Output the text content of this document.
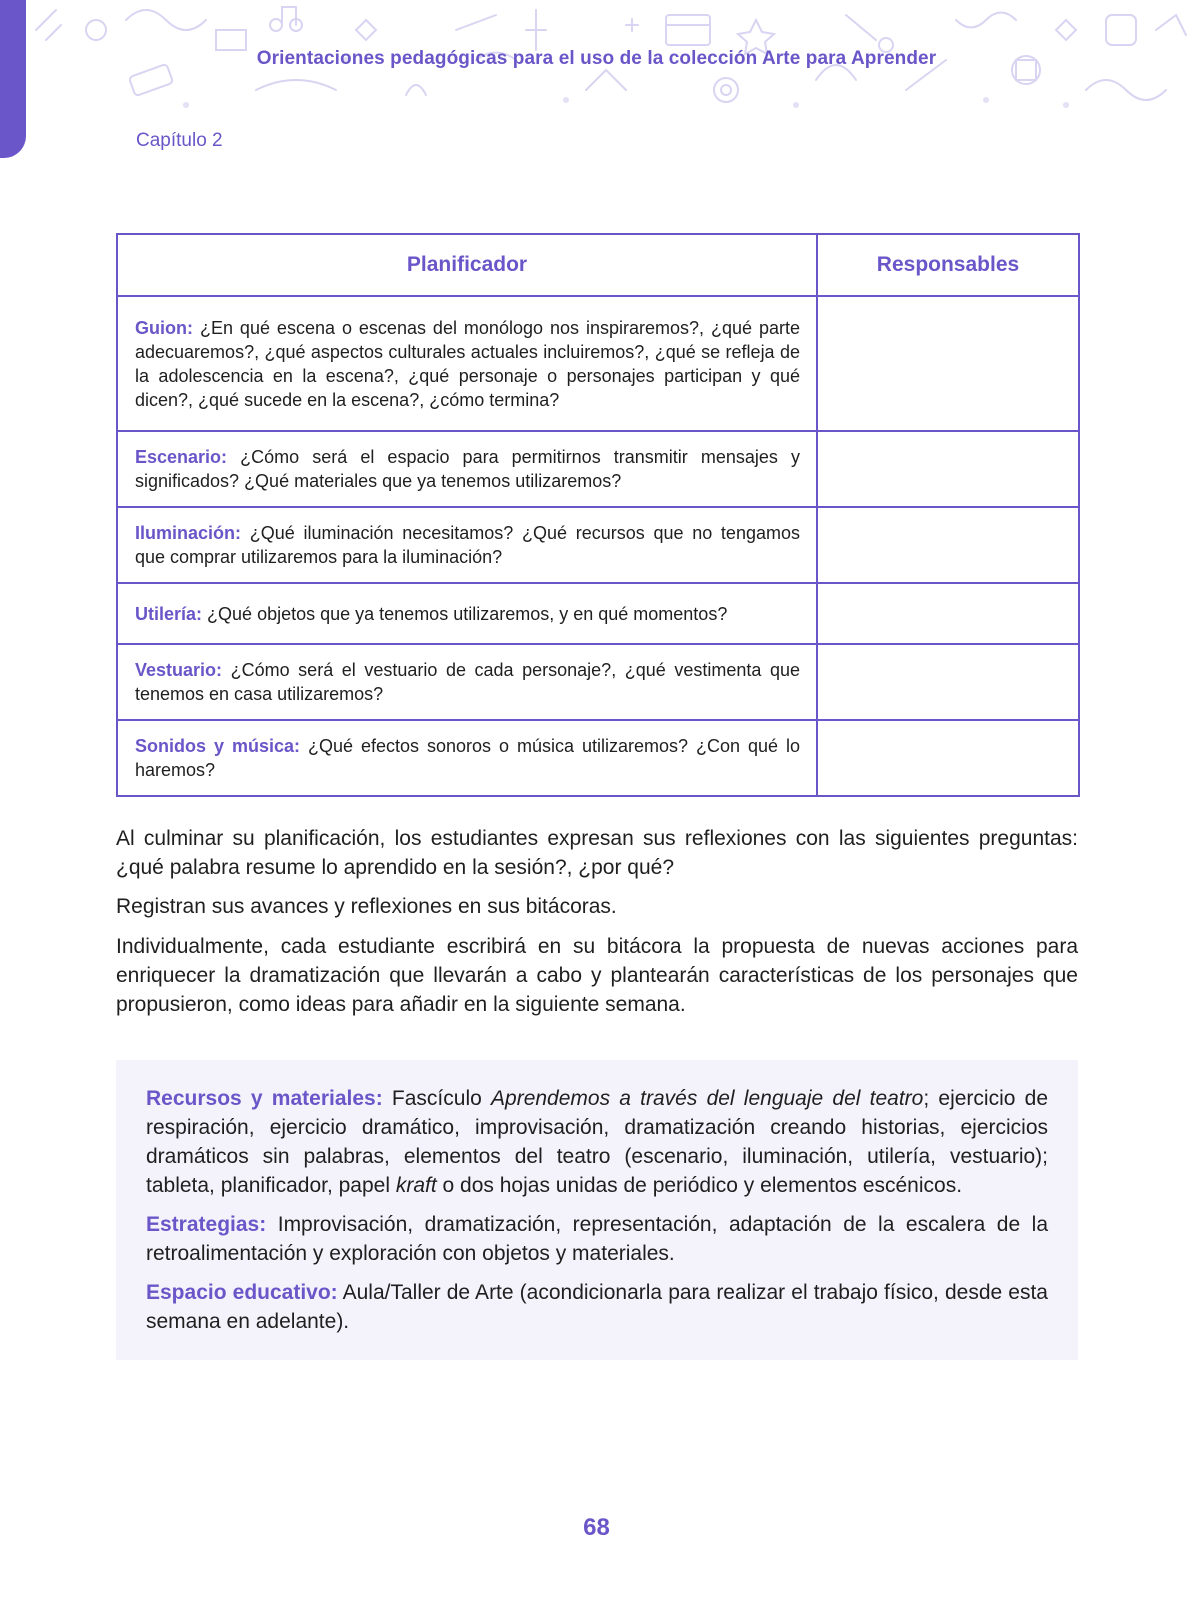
Orientaciones pedagógicas para el uso de la colección Arte para Aprender
Capítulo 2
Planificador	Responsables
Guion: ¿En qué escena o escenas del monólogo nos inspiraremos?, ¿qué parte adecuaremos?, ¿qué aspectos culturales actuales incluiremos?, ¿qué se refleja de la adolescencia en la escena?, ¿qué personaje o personajes participan y qué dicen?, ¿qué sucede en la escena?, ¿cómo termina?	
Escenario: ¿Cómo será el espacio para permitirnos transmitir mensajes y significados? ¿Qué materiales que ya tenemos utilizaremos?	
Iluminación: ¿Qué iluminación necesitamos? ¿Qué recursos que no tengamos que comprar utilizaremos para la iluminación?	
Utilería: ¿Qué objetos que ya tenemos utilizaremos, y en qué momentos?	
Vestuario: ¿Cómo será el vestuario de cada personaje?, ¿qué vestimenta que tenemos en casa utilizaremos?	
Sonidos y música: ¿Qué efectos sonoros o música utilizaremos? ¿Con qué lo haremos?	

Al culminar su planificación, los estudiantes expresan sus reflexiones con las siguientes preguntas: ¿qué palabra resume lo aprendido en la sesión?, ¿por qué?

Registran sus avances y reflexiones en sus bitácoras.

Individualmente, cada estudiante escribirá en su bitácora la propuesta de nuevas acciones para enriquecer la dramatización que llevarán a cabo y plantearán características de los personajes que propusieron, como ideas para añadir en la siguiente semana.

Recursos y materiales: Fascículo Aprendemos a través del lenguaje del teatro; ejercicio de respiración, ejercicio dramático, improvisación, dramatización creando historias, ejercicios dramáticos sin palabras, elementos del teatro (escenario, iluminación, utilería, vestuario); tableta, planificador, papel kraft o dos hojas unidas de periódico y elementos escénicos.

Estrategias: Improvisación, dramatización, representación, adaptación de la escalera de la retroalimentación y exploración con objetos y materiales.

Espacio educativo: Aula/Taller de Arte (acondicionarla para realizar el trabajo físico, desde esta semana en adelante).

68
